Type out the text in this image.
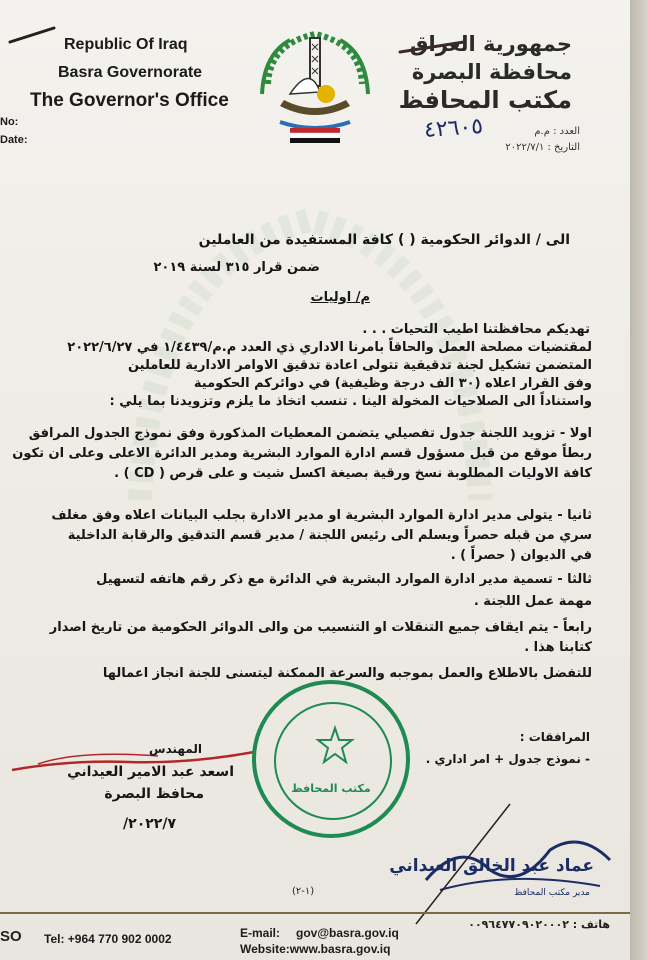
Republic Of Iraq
Basra Governorate
The Governor's Office
No:
Date:
جمهورية العراق
محافظة البصرة
مكتب المحافظ
العدد : م.م
التاريخ : ٢٠٢٢/٧/١
٤٢٦٠٥
الى / الدوائر الحكومية ( ) كافة المستفيدة من العاملين
ضمن قرار ٣١٥ لسنة ٢٠١٩
م/ اوليات
تهديكم محافظتنا اطيب التحيات . . .
لمقتضيات مصلحة العمل والحاقاً بامرنا الاداري ذي العدد م.م/١/٤٤٣٩ في ٢٠٢٢/٦/٢٧
المتضمن تشكيل لجنة تدقيقية تتولى اعادة تدقيق الاوامر الادارية للعاملين
وفق القرار اعلاه (٣٠ الف درجة وظيفية) في دوائركم الحكومية
واستناداً الى الصلاحيات المخولة الينا . تنسب اتخاذ ما يلزم وتزويدنا بما يلي :
اولا - تزويد اللجنة جدول تفصيلي يتضمن المعطيات المذكورة وفق نموذج الجدول المرافق
ربطاً موقع من قبل مسؤول قسم ادارة الموارد البشرية ومدير الدائرة الاعلى وعلى ان تكون
كافة الاوليات المطلوبة نسخ ورقية بصيغة اكسل شيت و على قرص ( CD ) .
ثانيا - يتولى مدير ادارة الموارد البشرية او مدير الادارة بجلب البيانات اعلاه وفق مغلف
سري من قبله حصراً ويسلم الى رئيس اللجنة / مدير قسم التدقيق والرقابة الداخلية
في الديوان ( حصراً ) .
ثالثا - تسمية مدير ادارة الموارد البشرية في الدائرة مع ذكر رقم هاتفه لتسهيل
مهمة عمل اللجنة .
رابعاً - يتم ايقاف جميع التنقلات او التنسيب من والى الدوائر الحكومية من تاريخ اصدار
كتابنا هذا .
للتفضل بالاطلاع والعمل بموجبه والسرعة الممكنة ليتسنى للجنة انجاز اعمالها
المرافقات :
- نموذج جدول + امر اداري .
المهندس
اسعد عبد الامير العيداني
محافظ البصرة
٢٠٢٢/٧/
مكتب المحافظ
عماد عبد الخالق العيداني
مدير مكتب المحافظ
(١-٢)
SO Tel: +964 770 902 0002	E-mail: gov@basra.gov.iq
Website:www.basra.gov.iq
هاتف : ٠٠٩٦٤٧٧٠٩٠٢٠٠٠٢
